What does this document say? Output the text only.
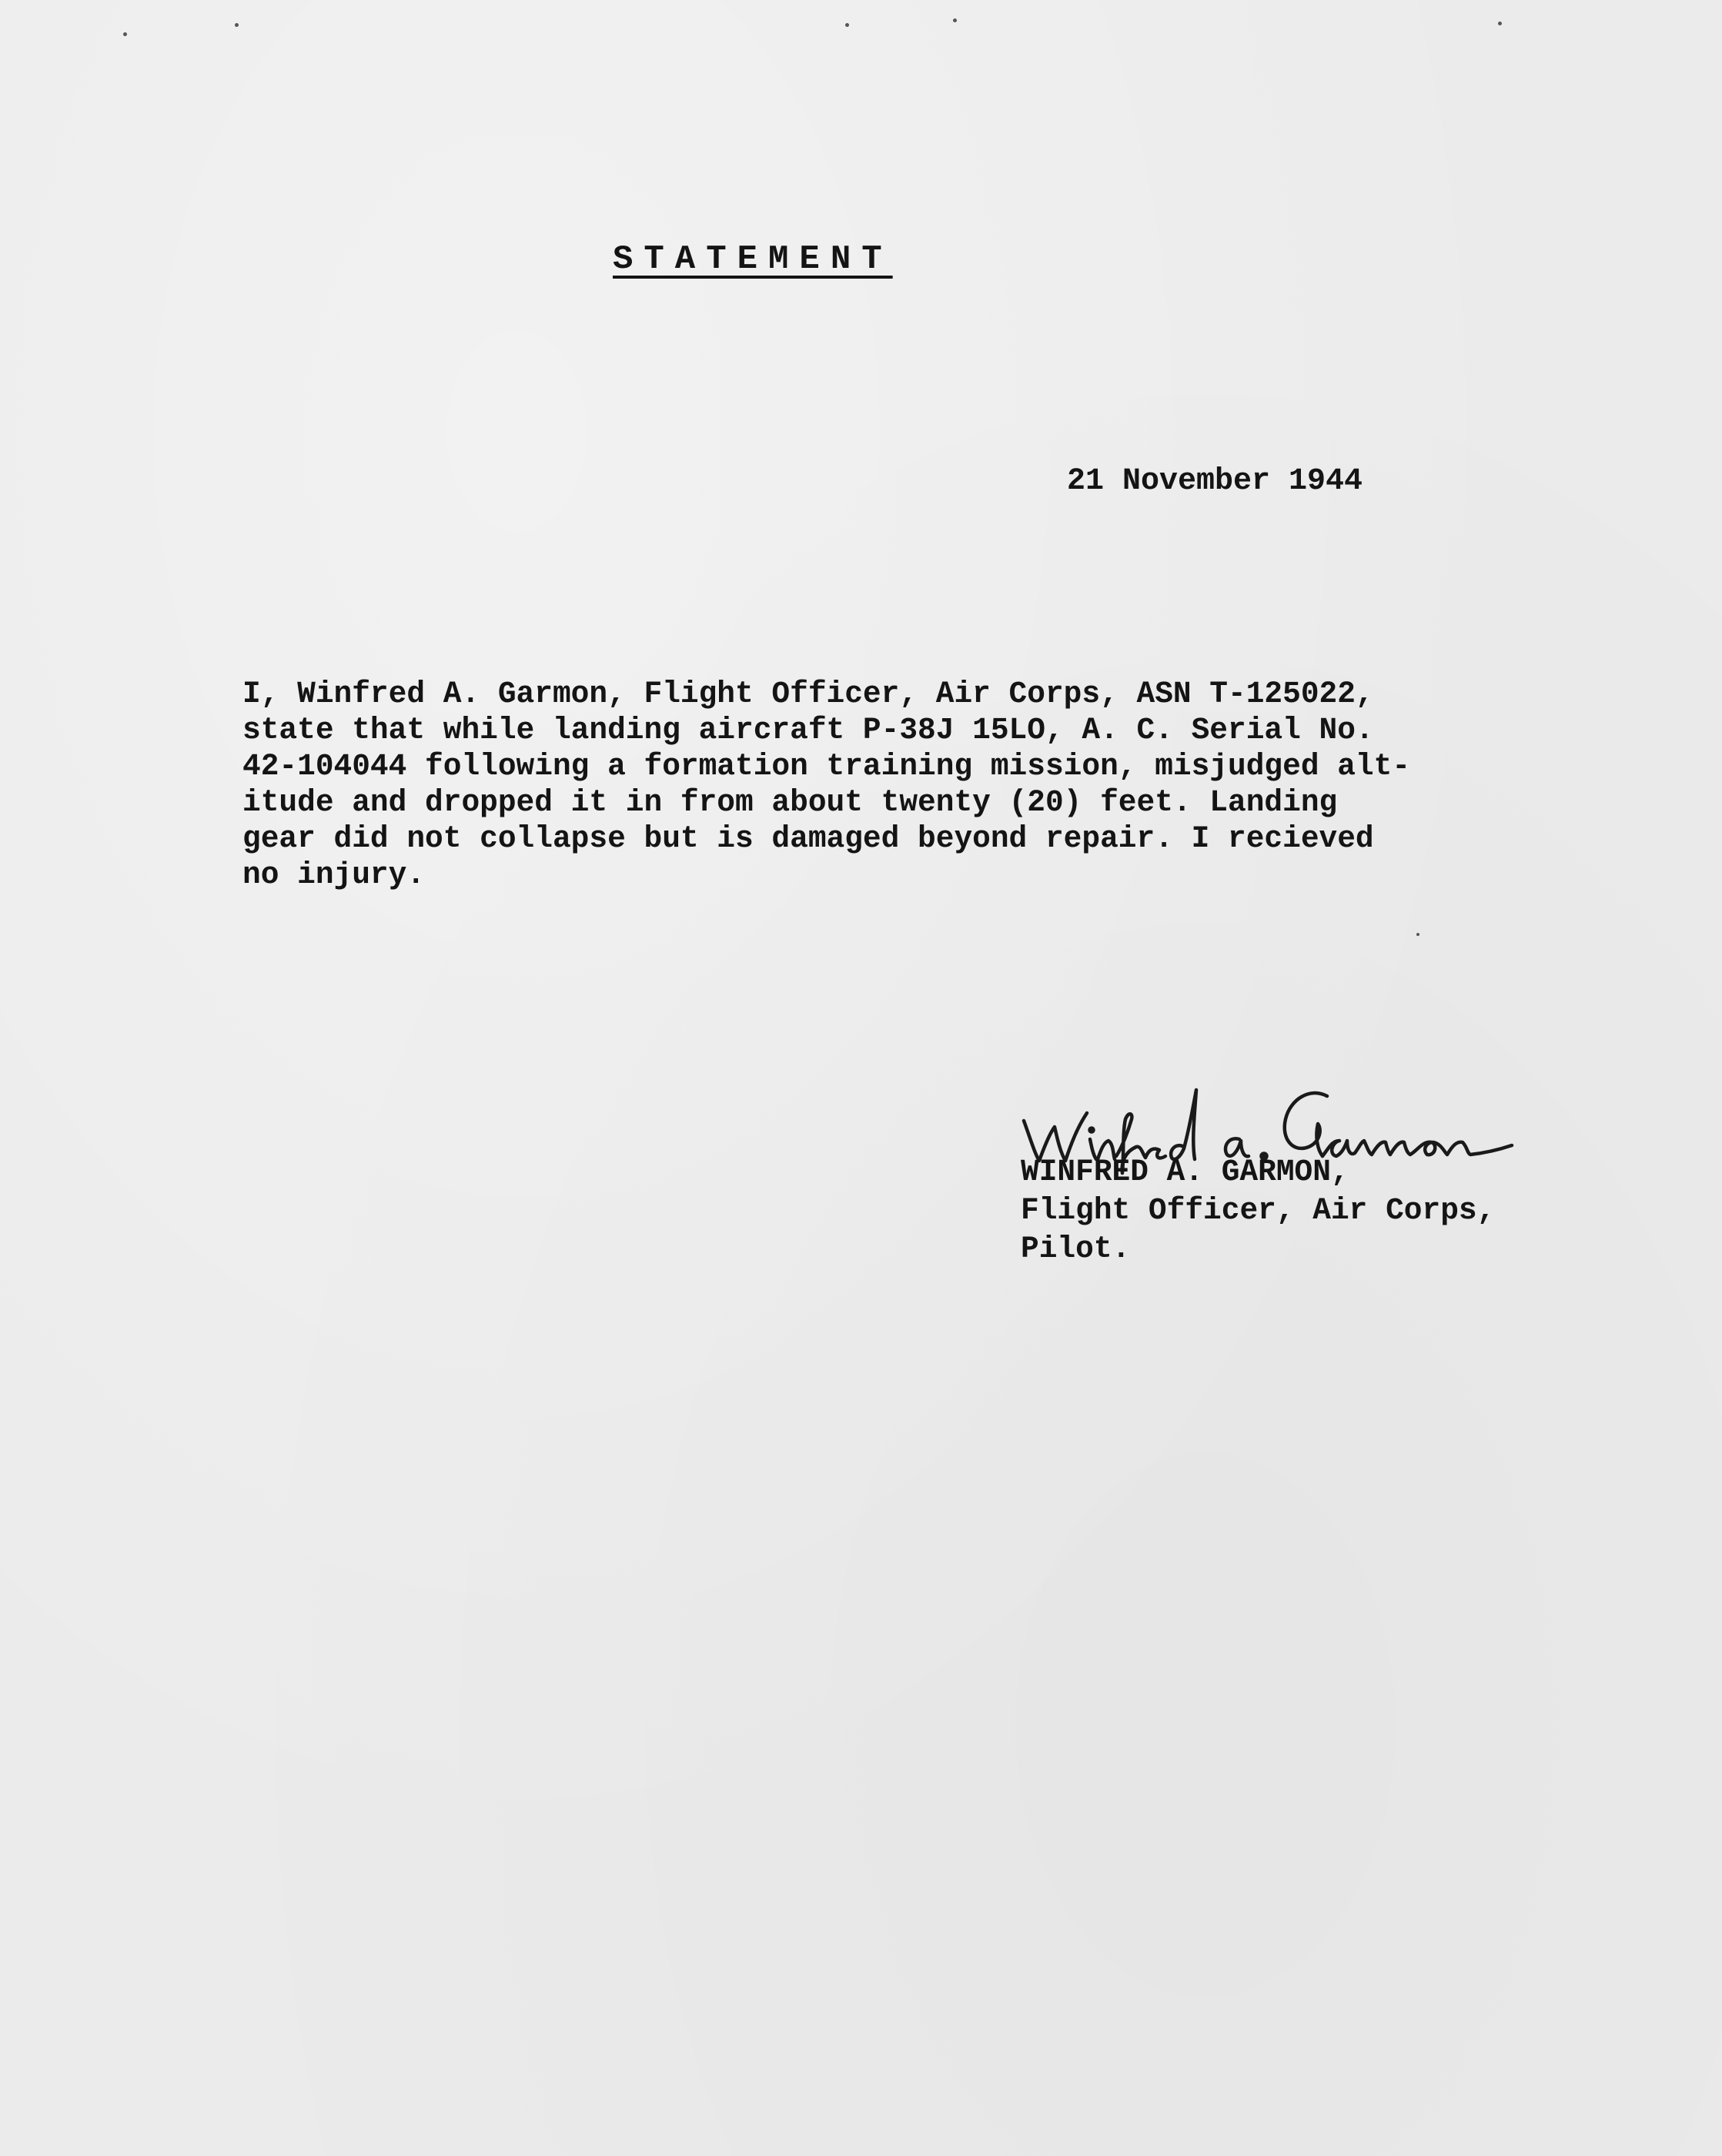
STATEMENT
21 November 1944
I, Winfred A. Garmon, Flight Officer, Air Corps, ASN T-125022,
state that while landing aircraft P-38J 15LO, A. C. Serial No.
42-104044 following a formation training mission, misjudged alt-
itude and dropped it in from about twenty (20) feet. Landing
gear did not collapse but is damaged beyond repair. I recieved
no injury.
WINFRED A. GARMON,
Flight Officer, Air Corps,
Pilot.
